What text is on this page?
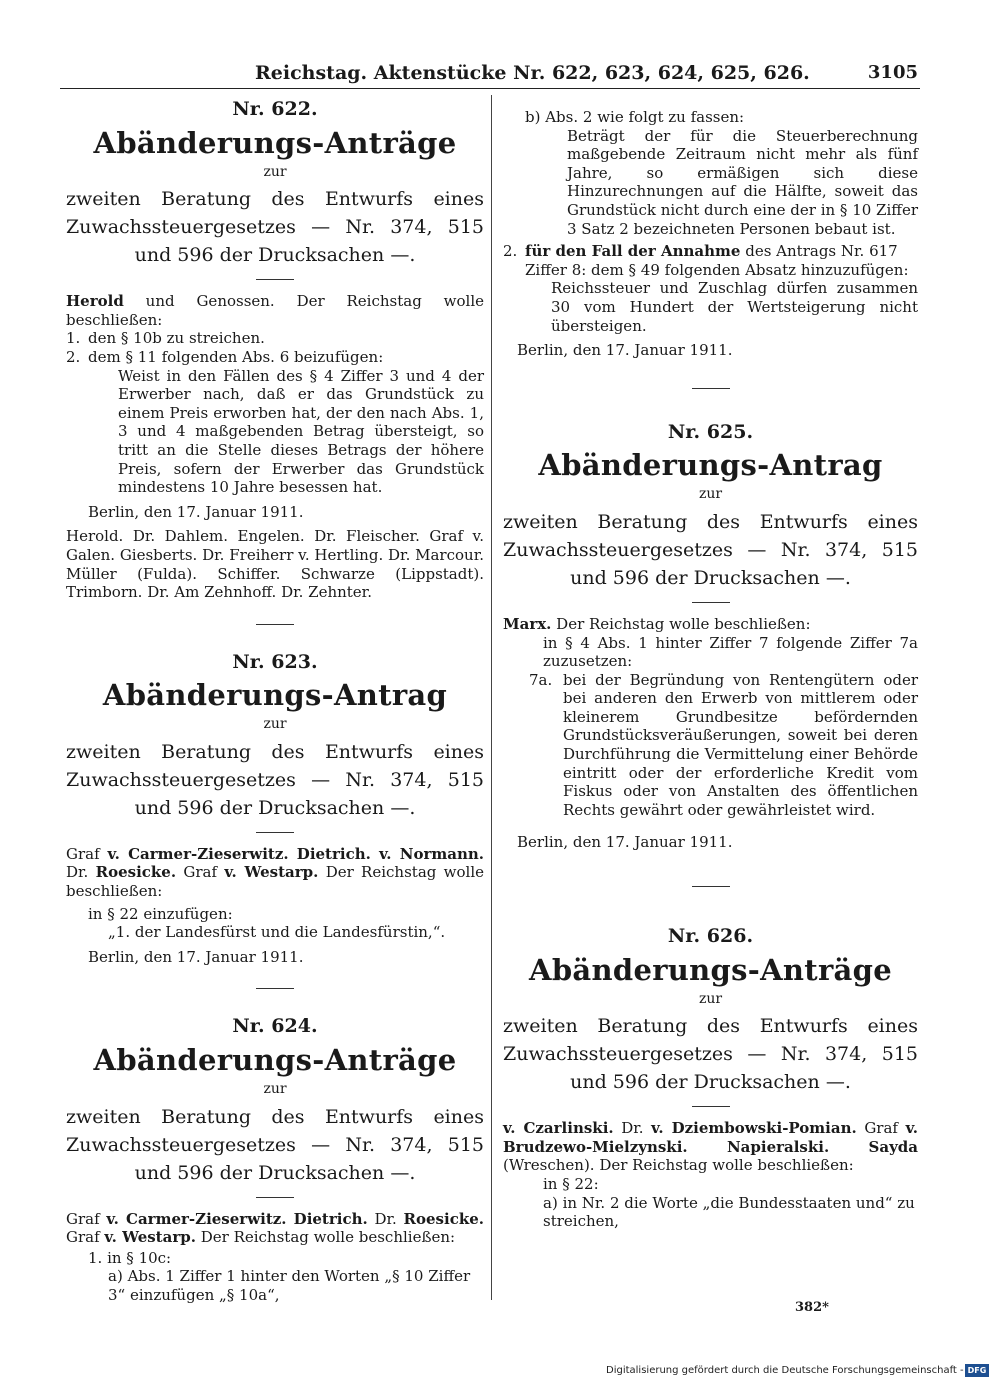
Reichstag. Aktenstücke Nr. 622, 623, 624, 625, 626.	3105

Nr. 622.

Abänderungs-Anträge

zur

zweiten Beratung des Entwurfs eines Zuwachssteuergesetzes — Nr. 374, 515 und 596 der Drucksachen —.

Herold und Genossen. Der Reichstag wolle beschließen:

1. den § 10b zu streichen.

2. dem § 11 folgenden Abs. 6 beizufügen:

Weist in den Fällen des § 4 Ziffer 3 und 4 der Erwerber nach, daß er das Grundstück zu einem Preis erworben hat, der den nach Abs. 1, 3 und 4 maßgebenden Betrag übersteigt, so tritt an die Stelle dieses Betrags der höhere Preis, sofern der Erwerber das Grundstück mindestens 10 Jahre besessen hat.

Berlin, den 17. Januar 1911.

Herold. Dr. Dahlem. Engelen. Dr. Fleischer. Graf v. Galen. Giesberts. Dr. Freiherr v. Hertling. Dr. Marcour. Müller (Fulda). Schiffer. Schwarze (Lippstadt). Trimborn. Dr. Am Zehnhoff. Dr. Zehnter.

Nr. 623.

Abänderungs-Antrag

zur

zweiten Beratung des Entwurfs eines Zuwachssteuergesetzes — Nr. 374, 515 und 596 der Drucksachen —.

Graf v. Carmer-Zieserwitz. Dietrich. v. Normann. Dr. Roesicke. Graf v. Westarp. Der Reichstag wolle beschließen:

in § 22 einzufügen:

„1. der Landesfürst und die Landesfürstin,“.

Berlin, den 17. Januar 1911.

Nr. 624.

Abänderungs-Anträge

zur

zweiten Beratung des Entwurfs eines Zuwachssteuergesetzes — Nr. 374, 515 und 596 der Drucksachen —.

Graf v. Carmer-Zieserwitz. Dietrich. Dr. Roesicke. Graf v. Westarp. Der Reichstag wolle beschließen:

1. in § 10c:

a) Abs. 1 Ziffer 1 hinter den Worten „§ 10 Ziffer 3“ einzufügen „§ 10a“,

b) Abs. 2 wie folgt zu fassen:

Beträgt der für die Steuerberechnung maßgebende Zeitraum nicht mehr als fünf Jahre, so ermäßigen sich diese Hinzurechnungen auf die Hälfte, soweit das Grundstück nicht durch eine der in § 10 Ziffer 3 Satz 2 bezeichneten Personen bebaut ist.

2. für den Fall der Annahme des Antrags Nr. 617 Ziffer 8: dem § 49 folgenden Absatz hinzuzufügen:

Reichssteuer und Zuschlag dürfen zusammen 30 vom Hundert der Wertsteigerung nicht übersteigen.

Berlin, den 17. Januar 1911.

Nr. 625.

Abänderungs-Antrag

zur

zweiten Beratung des Entwurfs eines Zuwachssteuergesetzes — Nr. 374, 515 und 596 der Drucksachen —.

Marx. Der Reichstag wolle beschließen:

in § 4 Abs. 1 hinter Ziffer 7 folgende Ziffer 7a zuzusetzen:

7a. bei der Begründung von Rentengütern oder bei anderen den Erwerb von mittlerem oder kleinerem Grundbesitze befördernden Grundstücksveräußerungen, soweit bei deren Durchführung die Vermittelung einer Behörde eintritt oder der erforderliche Kredit vom Fiskus oder von Anstalten des öffentlichen Rechts gewährt oder gewährleistet wird.

Berlin, den 17. Januar 1911.

Nr. 626.

Abänderungs-Anträge

zur

zweiten Beratung des Entwurfs eines Zuwachssteuergesetzes — Nr. 374, 515 und 596 der Drucksachen —.

v. Czarlinski. Dr. v. Dziembowski-Pomian. Graf v. Brudzewo-Mielzynski. Napieralski. Sayda (Wreschen). Der Reichstag wolle beschließen:

in § 22:

a) in Nr. 2 die Worte „die Bundesstaaten und“ zu streichen,

382*
Digitalisierung gefördert durch die Deutsche Forschungsgemeinschaft - DFG
